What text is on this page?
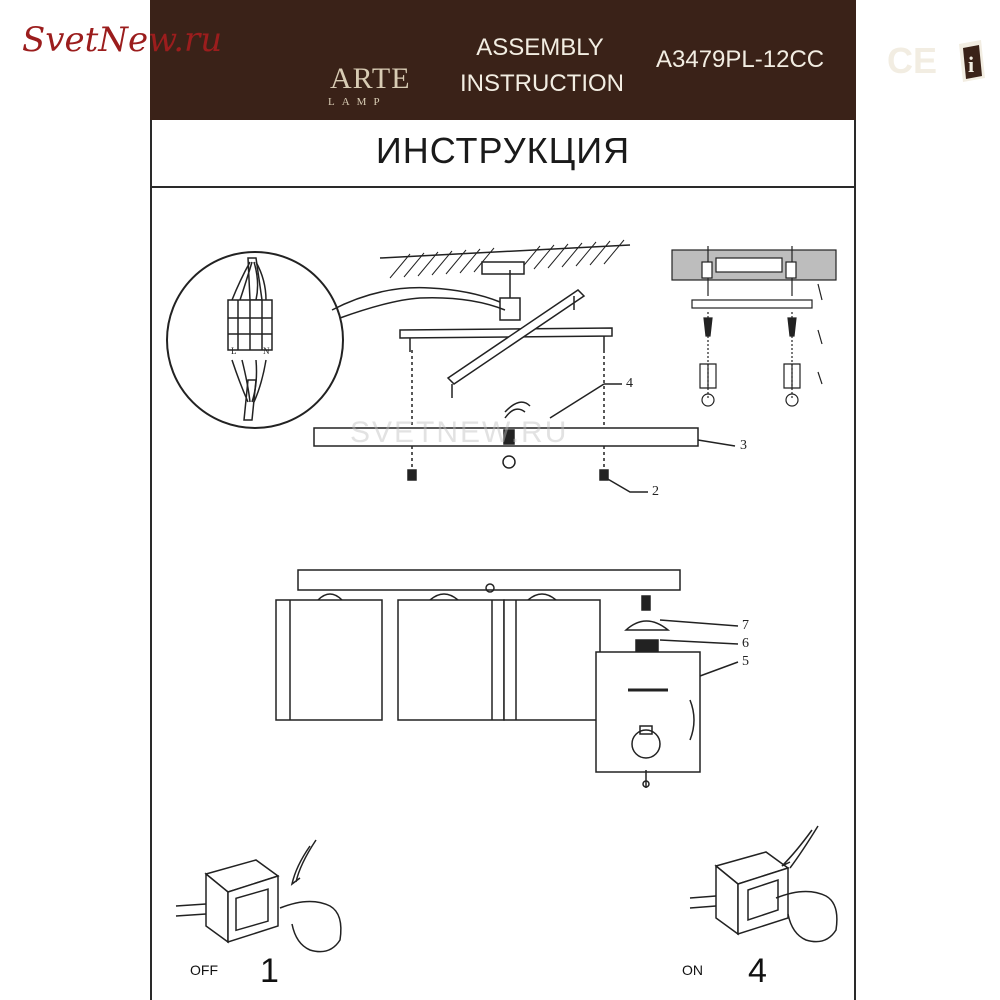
ARTE
LAMP
ASSEMBLY
INSTRUCTION
A3479PL-12CC CE i
SvetNew.ru
ИНСТРУКЦИЯ
SVETNEW.RU
4
3
2
7
6
5
L	N
OFF 1	ON 4
